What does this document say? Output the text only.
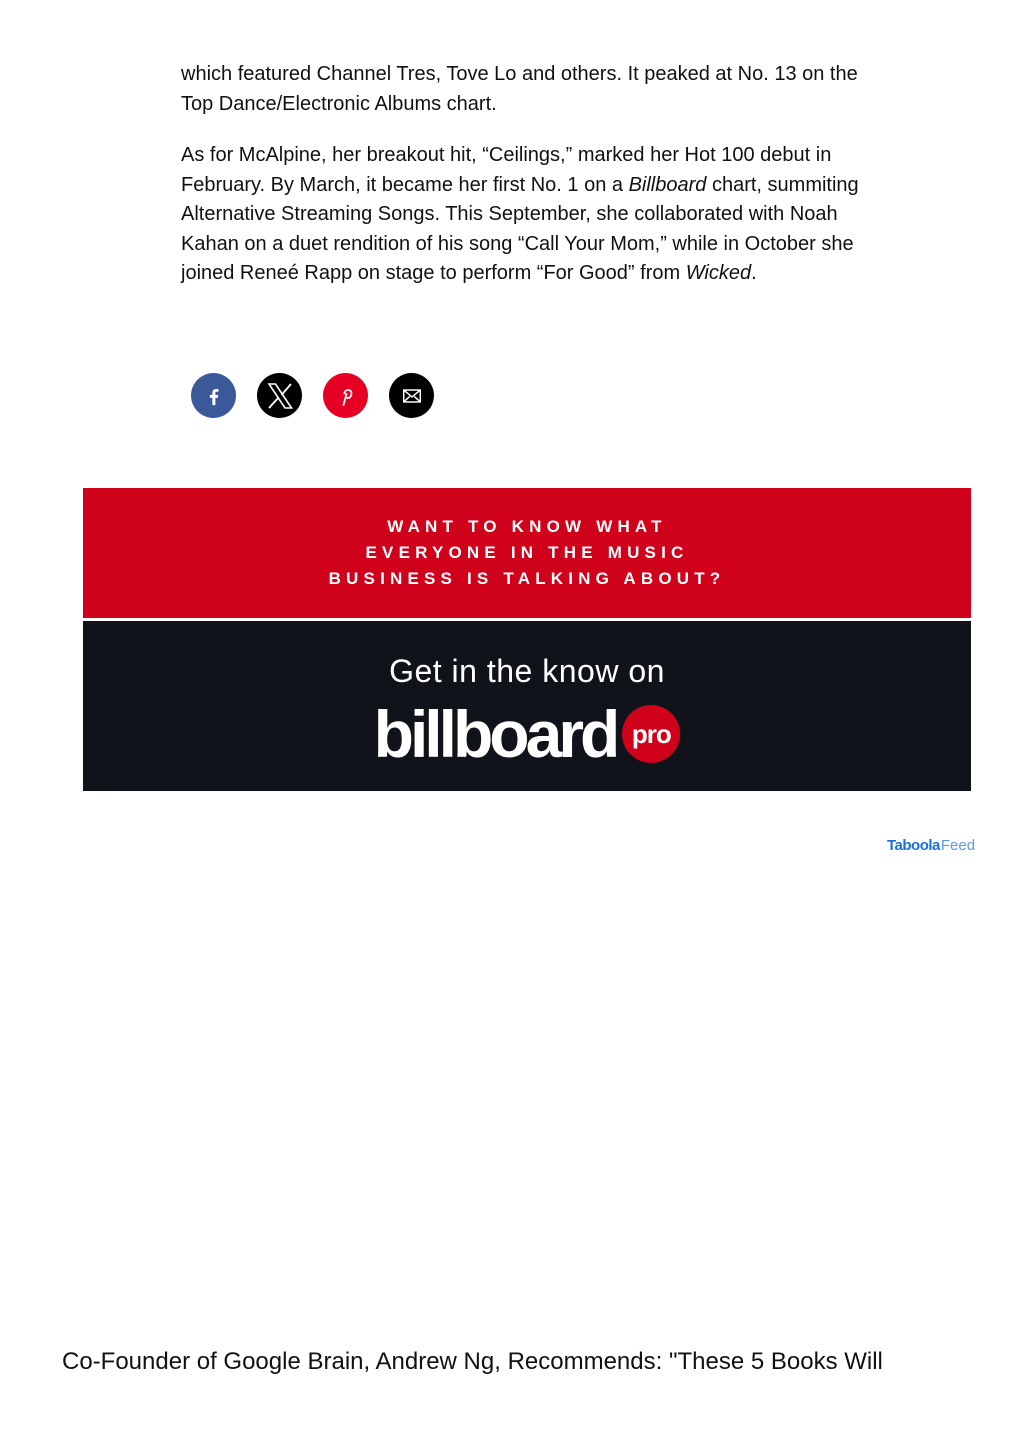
which featured Channel Tres, Tove Lo and others. It peaked at No. 13 on the Top Dance/Electronic Albums chart.

As for McAlpine, her breakout hit, “Ceilings,” marked her Hot 100 debut in February. By March, it became her first No. 1 on a Billboard chart, summiting Alternative Streaming Songs. This September, she collaborated with Noah Kahan on a duet rendition of his song “Call Your Mom,” while in October she joined Reneé Rapp on stage to perform “For Good” from Wicked.

WANT TO KNOW WHAT
EVERYONE IN THE MUSIC
BUSINESS IS TALKING ABOUT?
Get in the know on
billboard pro
Taboola Feed
Co-Founder of Google Brain, Andrew Ng, Recommends: "These 5 Books Will
